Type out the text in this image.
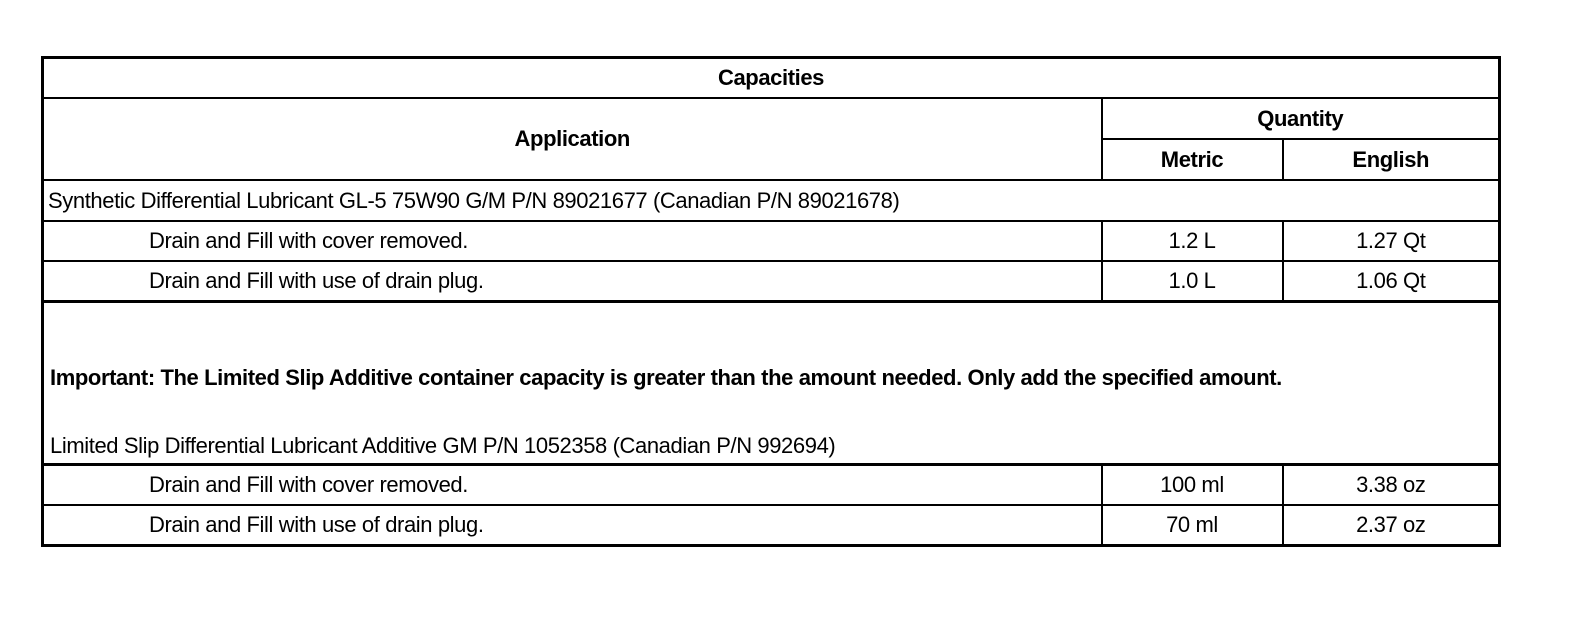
Capacities		
Application	Quantity	
	Metric	English
Synthetic Differential Lubricant GL-5 75W90 G/M P/N 89021677 (Canadian P/N 89021678)		
Drain and Fill with cover removed.	1.2 L	1.27 Qt
Drain and Fill with use of drain plug.	1.0 L	1.06 Qt

Important: The Limited Slip Additive container capacity is greater than the amount needed. Only add the specified amount.
Limited Slip Differential Lubricant Additive GM P/N 1052358 (Canadian P/N 992694)		

Drain and Fill with cover removed.	100 ml	3.38 oz
Drain and Fill with use of drain plug.	70 ml	2.37 oz
